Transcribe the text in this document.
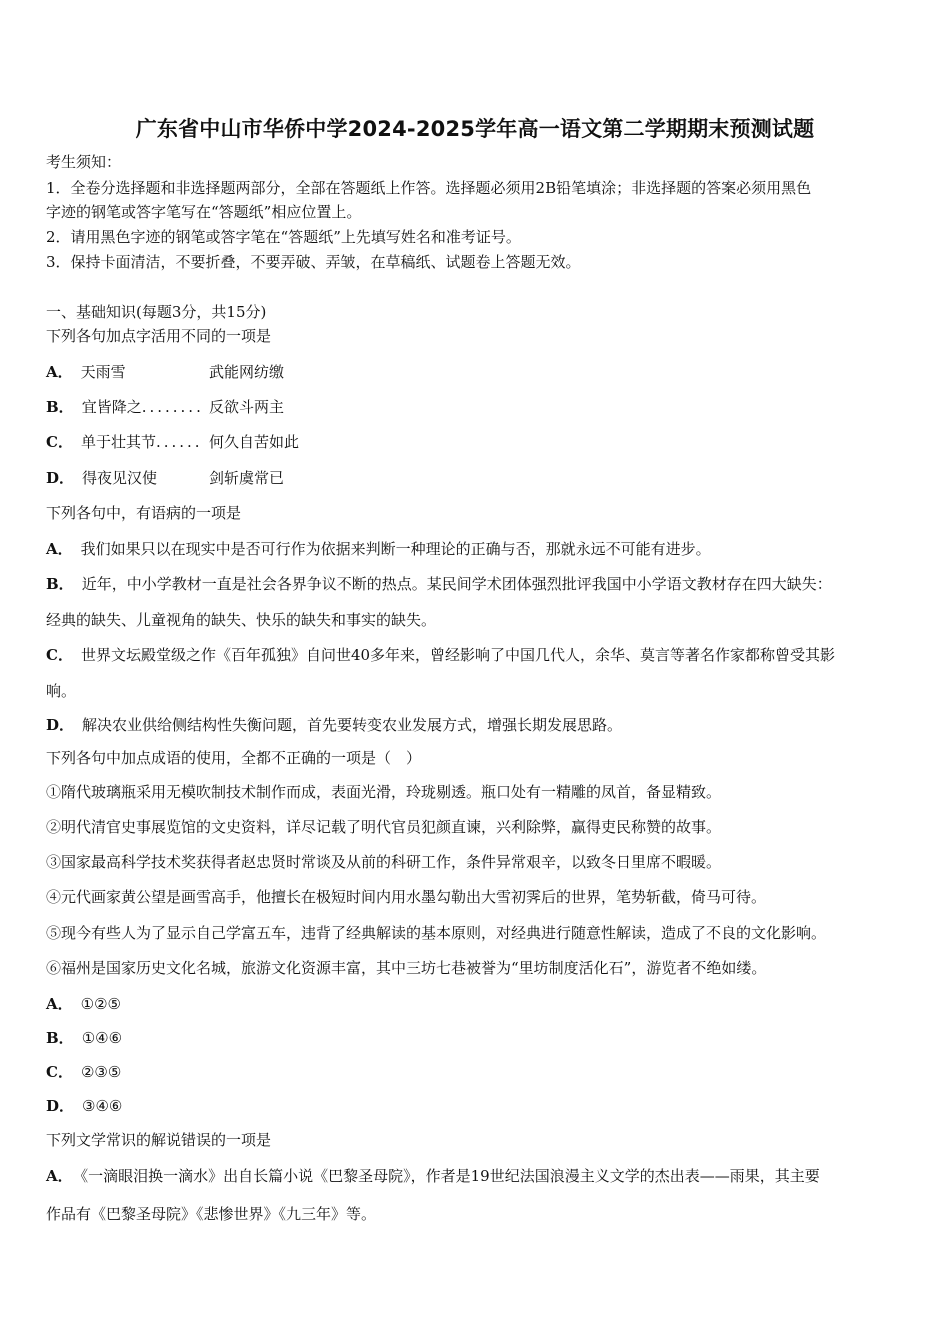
广东省中山市华侨中学2024-2025学年高一语文第二学期期末预测试题
考生须知：
1．全卷分选择题和非选择题两部分，全部在答题纸上作答。选择题必须用2B铅笔填涂；非选择题的答案必须用黑色
字迹的钢笔或答字笔写在“答题纸”相应位置上。
2．请用黑色字迹的钢笔或答字笔在“答题纸”上先填写姓名和准考证号。
3．保持卡面清洁，不要折叠，不要弄破、弄皱，在草稿纸、试题卷上答题无效。
一、基础知识(每题3分，共15分)
下列各句加点字活用不同的一项是
A． 天雨雪	武能网纺缴
B． 宜皆降之........ 反欲斗两主
C． 单于壮其节...... 何久自苦如此
D． 得夜见汉使	剑斩虞常已
下列各句中，有语病的一项是
A． 我们如果只以在现实中是否可行作为依据来判断一种理论的正确与否，那就永远不可能有进步。
B． 近年，中小学教材一直是社会各界争议不断的热点。某民间学术团体强烈批评我国中小学语文教材存在四大缺失：
经典的缺失、儿童视角的缺失、快乐的缺失和事实的缺失。
C． 世界文坛殿堂级之作《百年孤独》自问世40多年来，曾经影响了中国几代人，余华、莫言等著名作家都称曾受其影
响。
D． 解决农业供给侧结构性失衡问题，首先要转变农业发展方式，增强长期发展思路。
下列各句中加点成语的使用，全都不正确的一项是（　）
①隋代玻璃瓶采用无模吹制技术制作而成，表面光滑，玲珑剔透。瓶口处有一精雕的凤首，备显精致。
②明代清官史事展览馆的文史资料，详尽记载了明代官员犯颜直谏，兴利除弊，赢得吏民称赞的故事。
③国家最高科学技术奖获得者赵忠贤时常谈及从前的科研工作，条件异常艰辛，以致冬日里席不暇暖。
④元代画家黄公望是画雪高手，他擅长在极短时间内用水墨勾勒出大雪初霁后的世界，笔势斩截，倚马可待。
⑤现今有些人为了显示自己学富五车，违背了经典解读的基本原则，对经典进行随意性解读，造成了不良的文化影响。
⑥福州是国家历史文化名城，旅游文化资源丰富，其中三坊七巷被誉为“里坊制度活化石”，游览者不绝如缕。
A． ①②⑤
B． ①④⑥
C． ②③⑤
D． ③④⑥
下列文学常识的解说错误的一项是
A． 《一滴眼泪换一滴水》出自长篇小说《巴黎圣母院》，作者是19世纪法国浪漫主义文学的杰出表——雨果，其主要
作品有《巴黎圣母院》《悲惨世界》《九三年》等。
